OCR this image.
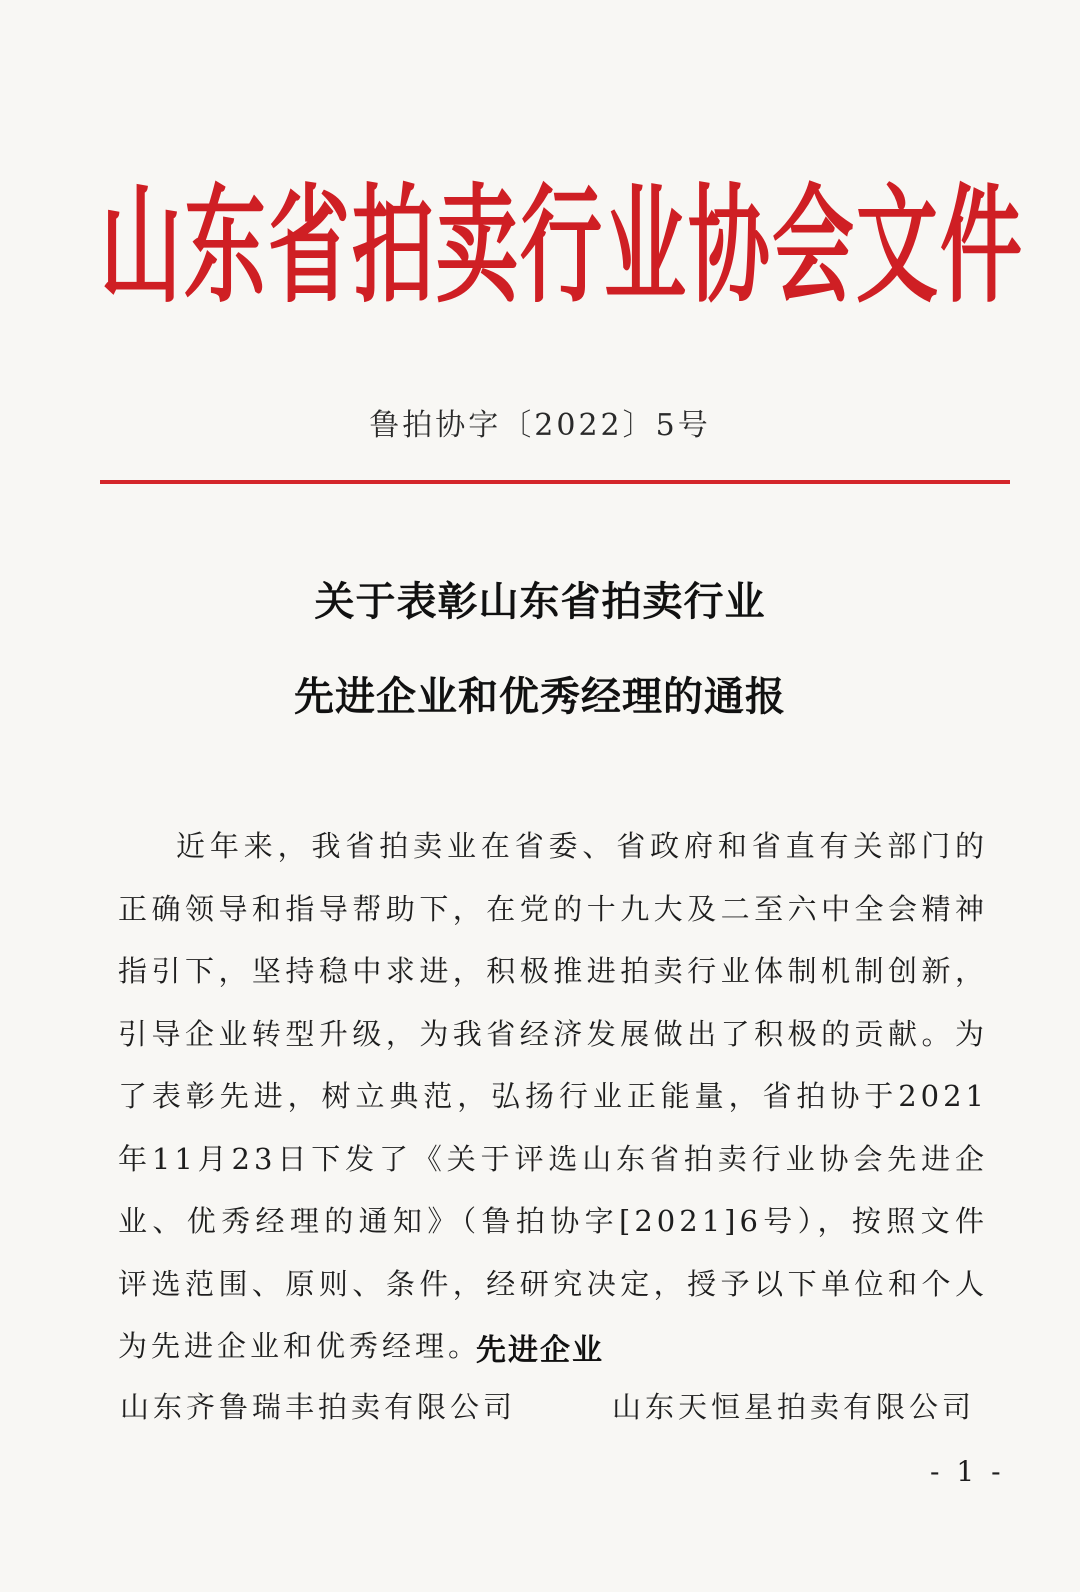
山东省拍卖行业协会文件
鲁拍协字〔2022〕5号
关于表彰山东省拍卖行业
先进企业和优秀经理的通报
近年来，我省拍卖业在省委、省政府和省直有关部门的正确领导和指导帮助下，在党的十九大及二至六中全会精神指引下，坚持稳中求进，积极推进拍卖行业体制机制创新，引导企业转型升级，为我省经济发展做出了积极的贡献。为了表彰先进，树立典范，弘扬行业正能量，省拍协于2021年11月23日下发了《关于评选山东省拍卖行业协会先进企业、优秀经理的通知》（鲁拍协字[2021]6号），按照文件评选范围、原则、条件，经研究决定，授予以下单位和个人为先进企业和优秀经理。
先进企业
山东齐鲁瑞丰拍卖有限公司	山东天恒星拍卖有限公司
- 1 -
